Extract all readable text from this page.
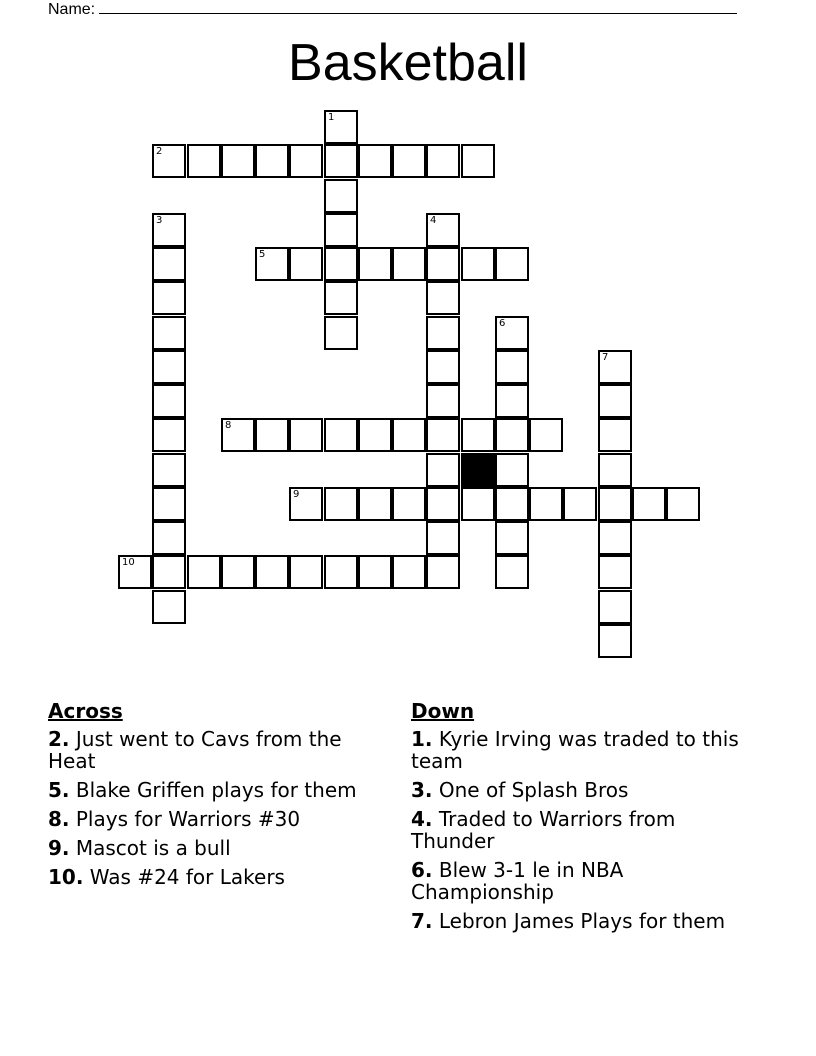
Name:
Basketball
1
2
3	4
5
6
7
8
9
10
Across
2. Just went to Cavs from the Heat
5. Blake Griffen plays for them
8. Plays for Warriors #30
9. Mascot is a bull
10. Was #24 for Lakers
Down
1. Kyrie Irving was traded to this team
3. One of Splash Bros
4. Traded to Warriors from Thunder
6. Blew 3-1 le in NBA Championship
7. Lebron James Plays for them
